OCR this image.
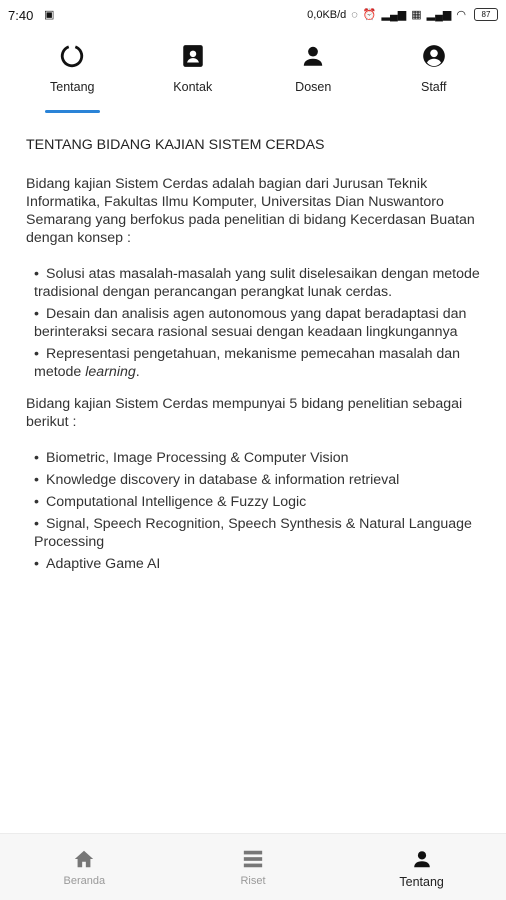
7:40 ▣	0,0KB/d ◌ ⏰ ▂▄▆ ▦ ▂▄▆ ◠	87
Tentang	Kontak	Dosen	Staff
TENTANG BIDANG KAJIAN SISTEM CERDAS

Bidang kajian Sistem Cerdas adalah bagian dari Jurusan Teknik Informatika, Fakultas Ilmu Komputer, Universitas Dian Nuswantoro Semarang yang berfokus pada penelitian di bidang Kecerdasan Buatan dengan konsep :

• Solusi atas masalah-masalah yang sulit diselesaikan dengan metode tradisional dengan perancangan perangkat lunak cerdas.
• Desain dan analisis agen autonomous yang dapat beradaptasi dan berinteraksi secara rasional sesuai dengan keadaan lingkungannya
• Representasi pengetahuan, mekanisme pemecahan masalah dan metode learning.

Bidang kajian Sistem Cerdas mempunyai 5 bidang penelitian sebagai berikut :

• Biometric, Image Processing & Computer Vision
• Knowledge discovery in database & information retrieval
• Computational Intelligence & Fuzzy Logic
• Signal, Speech Recognition, Speech Synthesis & Natural Language Processing
• Adaptive Game AI
Beranda	Riset	Tentang
